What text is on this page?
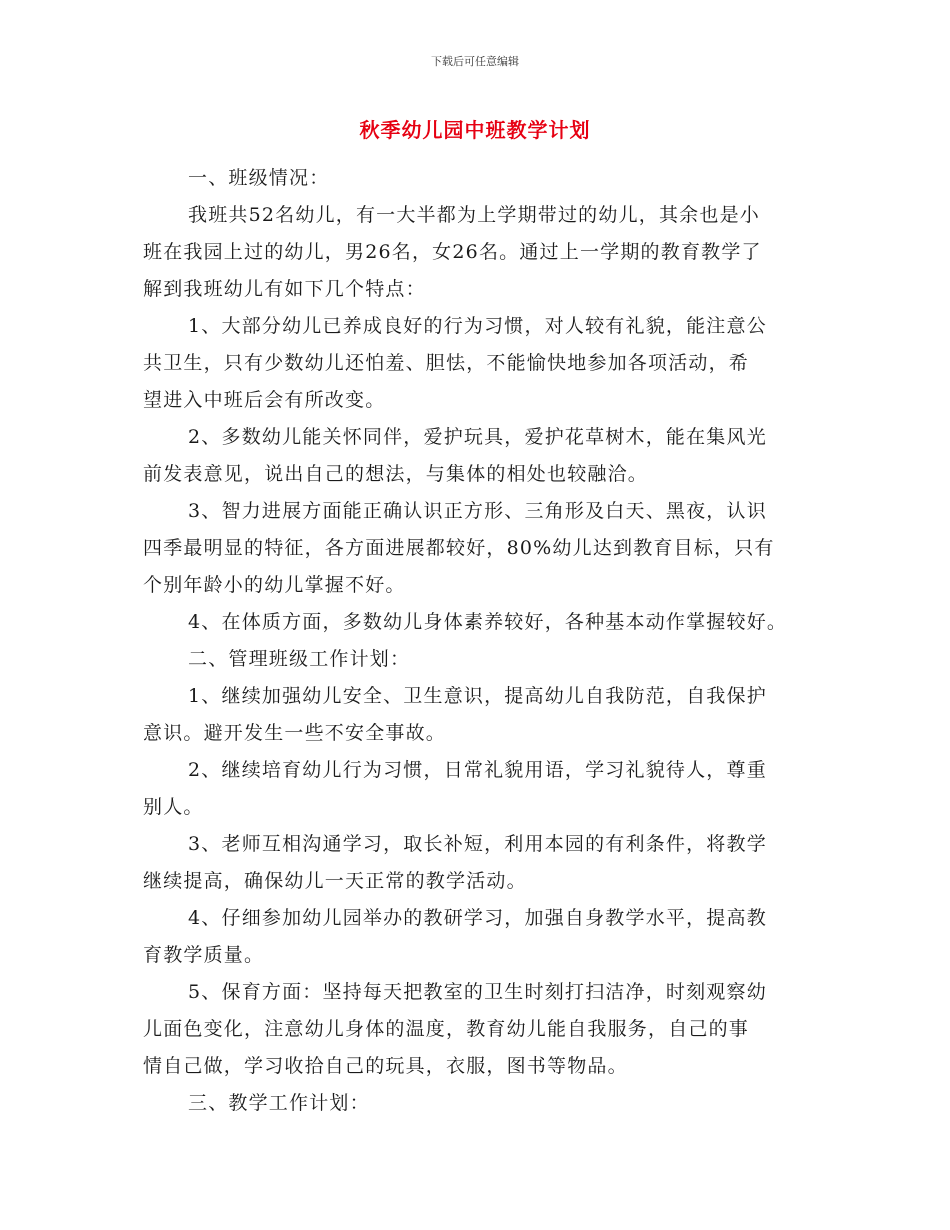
下载后可任意编辑
秋季幼儿园中班教学计划
一、班级情况：
我班共52名幼儿，有一大半都为上学期带过的幼儿，其余也是小
班在我园上过的幼儿，男26名，女26名。通过上一学期的教育教学了
解到我班幼儿有如下几个特点：
1、大部分幼儿已养成良好的行为习惯，对人较有礼貌，能注意公
共卫生，只有少数幼儿还怕羞、胆怯，不能愉快地参加各项活动，希
望进入中班后会有所改变。
2、多数幼儿能关怀同伴，爱护玩具，爱护花草树木，能在集风光
前发表意见，说出自己的想法，与集体的相处也较融洽。
3、智力进展方面能正确认识正方形、三角形及白天、黑夜，认识
四季最明显的特征，各方面进展都较好，80%幼儿达到教育目标，只有
个别年龄小的幼儿掌握不好。
4、在体质方面，多数幼儿身体素养较好，各种基本动作掌握较好。
二、管理班级工作计划：
1、继续加强幼儿安全、卫生意识，提高幼儿自我防范，自我保护
意识。避开发生一些不安全事故。
2、继续培育幼儿行为习惯，日常礼貌用语，学习礼貌待人，尊重
别人。
3、老师互相沟通学习，取长补短，利用本园的有利条件，将教学
继续提高，确保幼儿一天正常的教学活动。
4、仔细参加幼儿园举办的教研学习，加强自身教学水平，提高教
育教学质量。
5、保育方面：坚持每天把教室的卫生时刻打扫洁净，时刻观察幼
儿面色变化，注意幼儿身体的温度，教育幼儿能自我服务，自己的事
情自己做，学习收拾自己的玩具，衣服，图书等物品。
三、教学工作计划：
